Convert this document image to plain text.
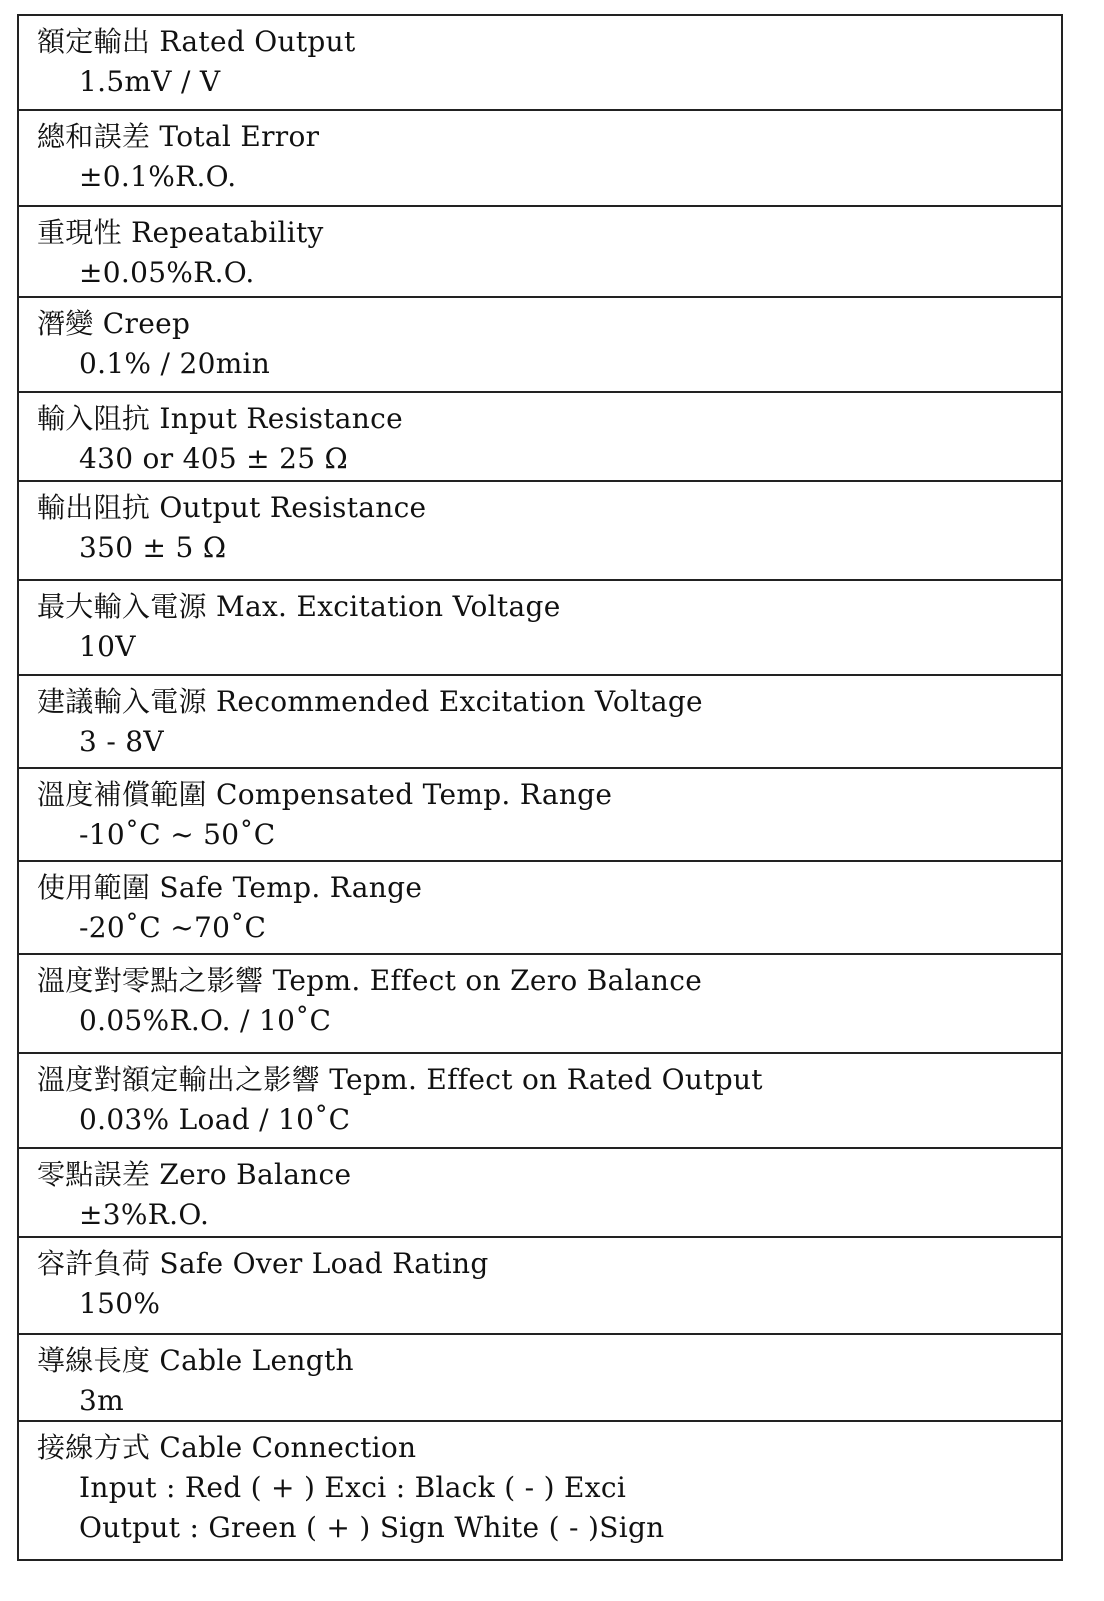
額定輸出 Rated Output
1.5mV / V
總和誤差 Total Error
±0.1%R.O.
重現性 Repeatability
±0.05%R.O.
潛變 Creep
0.1% / 20min
輸入阻抗 Input Resistance
430 or 405 ± 25 Ω
輸出阻抗 Output Resistance
350 ± 5 Ω
最大輸入電源 Max. Excitation Voltage
10V
建議輸入電源 Recommended Excitation Voltage
3 - 8V
溫度補償範圍 Compensated Temp. Range
-10˚C ~ 50˚C
使用範圍 Safe Temp. Range
-20˚C ~70˚C
溫度對零點之影響 Tepm. Effect on Zero Balance
0.05%R.O. / 10˚C
溫度對額定輸出之影響 Tepm. Effect on Rated Output
0.03% Load / 10˚C
零點誤差 Zero Balance
±3%R.O.
容許負荷 Safe Over Load Rating
150%
導線長度 Cable Length
3m
接線方式 Cable Connection
Input : Red ( + ) Exci : Black ( - ) Exci
Output : Green ( + ) Sign White ( - )Sign
